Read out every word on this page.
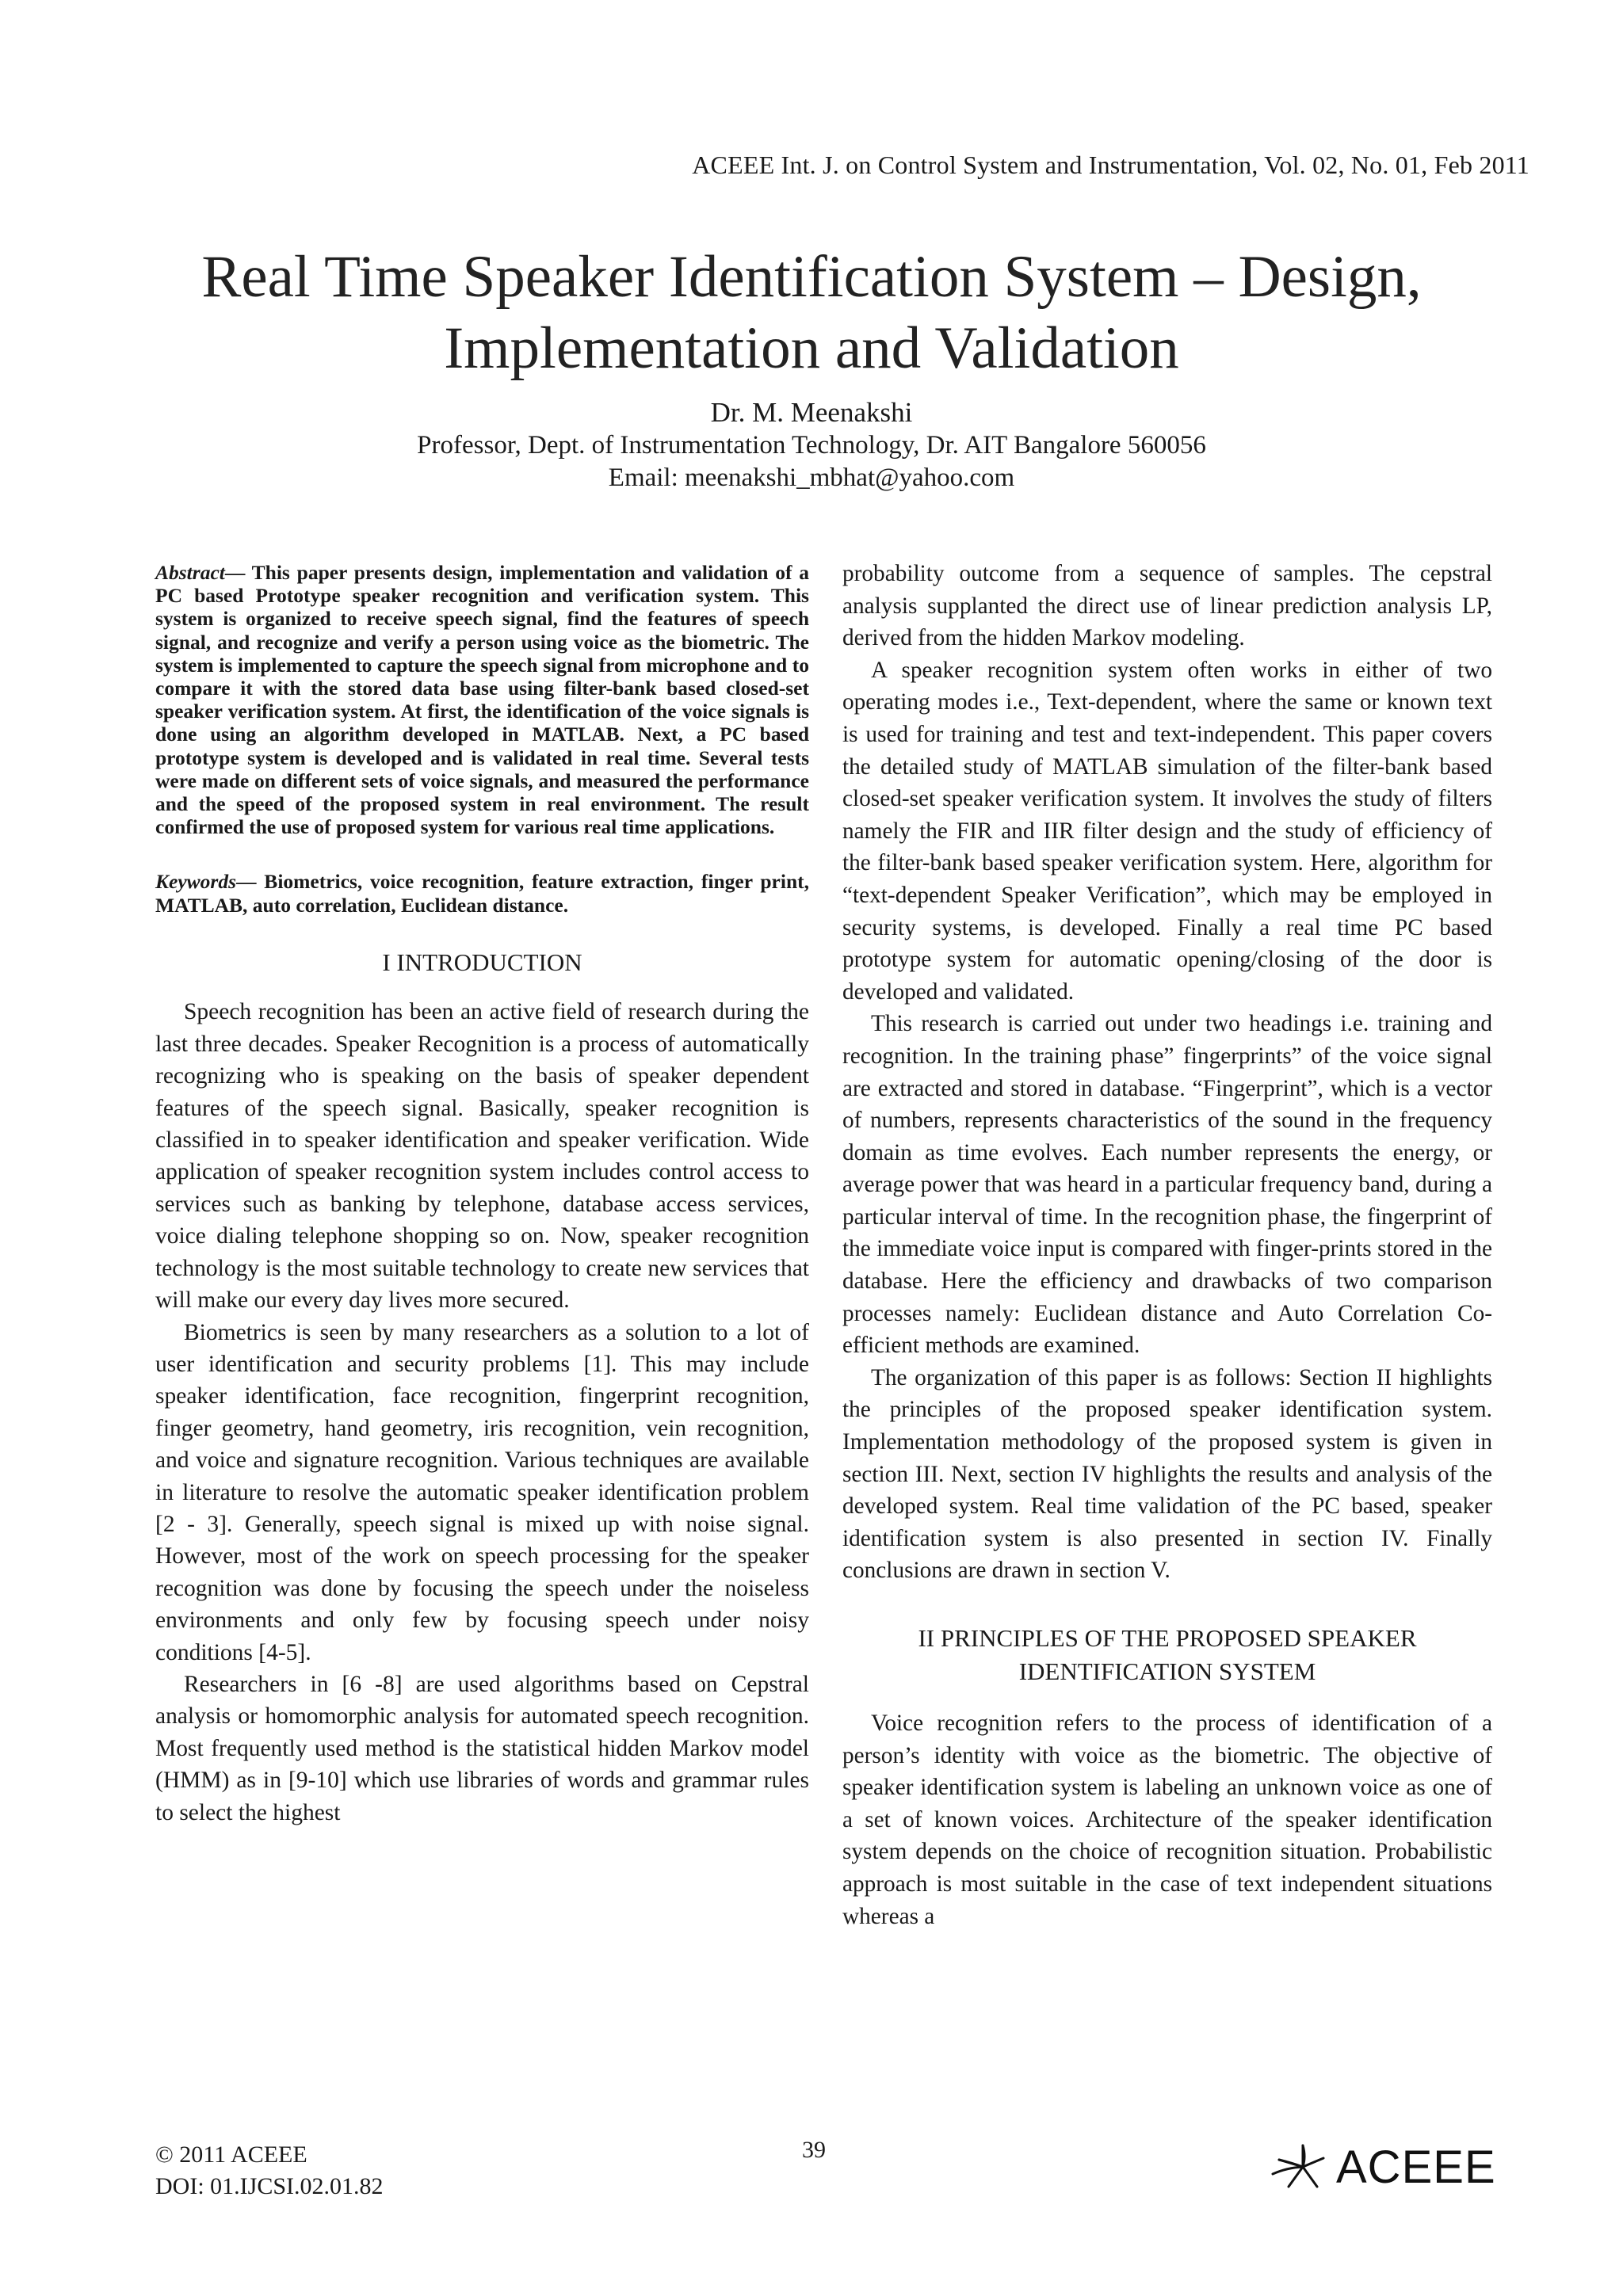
ACEEE Int. J. on Control System and Instrumentation, Vol. 02, No. 01, Feb 2011
Real Time Speaker Identification System – Design,
Implementation and Validation
Dr. M. Meenakshi
Professor, Dept. of Instrumentation Technology, Dr. AIT Bangalore 560056
Email: meenakshi_mbhat@yahoo.com

Abstract— This paper presents design, implementation and validation of a PC based Prototype speaker recognition and verification system. This system is organized to receive speech signal, find the features of speech signal, and recognize and verify a person using voice as the biometric. The system is implemented to capture the speech signal from microphone and to compare it with the stored data base using filter-bank based closed-set speaker verification system. At first, the identification of the voice signals is done using an algorithm developed in MATLAB. Next, a PC based prototype system is developed and is validated in real time. Several tests were made on different sets of voice signals, and measured the performance and the speed of the proposed system in real environment. The result confirmed the use of proposed system for various real time applications.

Keywords— Biometrics, voice recognition, feature extraction, finger print, MATLAB, auto correlation, Euclidean distance.

I INTRODUCTION

Speech recognition has been an active field of research during the last three decades. Speaker Recognition is a process of automatically recognizing who is speaking on the basis of speaker dependent features of the speech signal. Basically, speaker recognition is classified in to speaker identification and speaker verification. Wide application of speaker recognition system includes control access to services such as banking by telephone, database access services, voice dialing telephone shopping so on. Now, speaker recognition technology is the most suitable technology to create new services that will make our every day lives more secured.

Biometrics is seen by many researchers as a solution to a lot of user identification and security problems [1]. This may include speaker identification, face recognition, fingerprint recognition, finger geometry, hand geometry, iris recognition, vein recognition, and voice and signature recognition. Various techniques are available in literature to resolve the automatic speaker identification problem [2 - 3]. Generally, speech signal is mixed up with noise signal. However, most of the work on speech processing for the speaker recognition was done by focusing the speech under the noiseless environments and only few by focusing speech under noisy conditions [4-5].

Researchers in [6 -8] are used algorithms based on Cepstral analysis or homomorphic analysis for automated speech recognition. Most frequently used method is the statistical hidden Markov model (HMM) as in [9-10] which use libraries of words and grammar rules to select the highest

probability outcome from a sequence of samples. The cepstral analysis supplanted the direct use of linear prediction analysis LP, derived from the hidden Markov modeling.

A speaker recognition system often works in either of two operating modes i.e., Text-dependent, where the same or known text is used for training and test and text-independent. This paper covers the detailed study of MATLAB simulation of the filter-bank based closed-set speaker verification system. It involves the study of filters namely the FIR and IIR filter design and the study of efficiency of the filter-bank based speaker verification system. Here, algorithm for “text-dependent Speaker Verification”, which may be employed in security systems, is developed. Finally a real time PC based prototype system for automatic opening/closing of the door is developed and validated.

This research is carried out under two headings i.e. training and recognition. In the training phase” fingerprints” of the voice signal are extracted and stored in database. “Fingerprint”, which is a vector of numbers, represents characteristics of the sound in the frequency domain as time evolves. Each number represents the energy, or average power that was heard in a particular frequency band, during a particular interval of time. In the recognition phase, the fingerprint of the immediate voice input is compared with finger-prints stored in the database. Here the efficiency and drawbacks of two comparison processes namely: Euclidean distance and Auto Correlation Co-efficient methods are examined.

The organization of this paper is as follows: Section II highlights the principles of the proposed speaker identification system. Implementation methodology of the proposed system is given in section III. Next, section IV highlights the results and analysis of the developed system. Real time validation of the PC based, speaker identification system is also presented in section IV. Finally conclusions are drawn in section V.

II PRINCIPLES OF THE PROPOSED SPEAKER
IDENTIFICATION SYSTEM

Voice recognition refers to the process of identification of a person’s identity with voice as the biometric. The objective of speaker identification system is labeling an unknown voice as one of a set of known voices. Architecture of the speaker identification system depends on the choice of recognition situation. Probabilistic approach is most suitable in the case of text independent situations whereas a

© 2011 ACEEE
DOI: 01.IJCSI.02.01.82
39	ACEEE
